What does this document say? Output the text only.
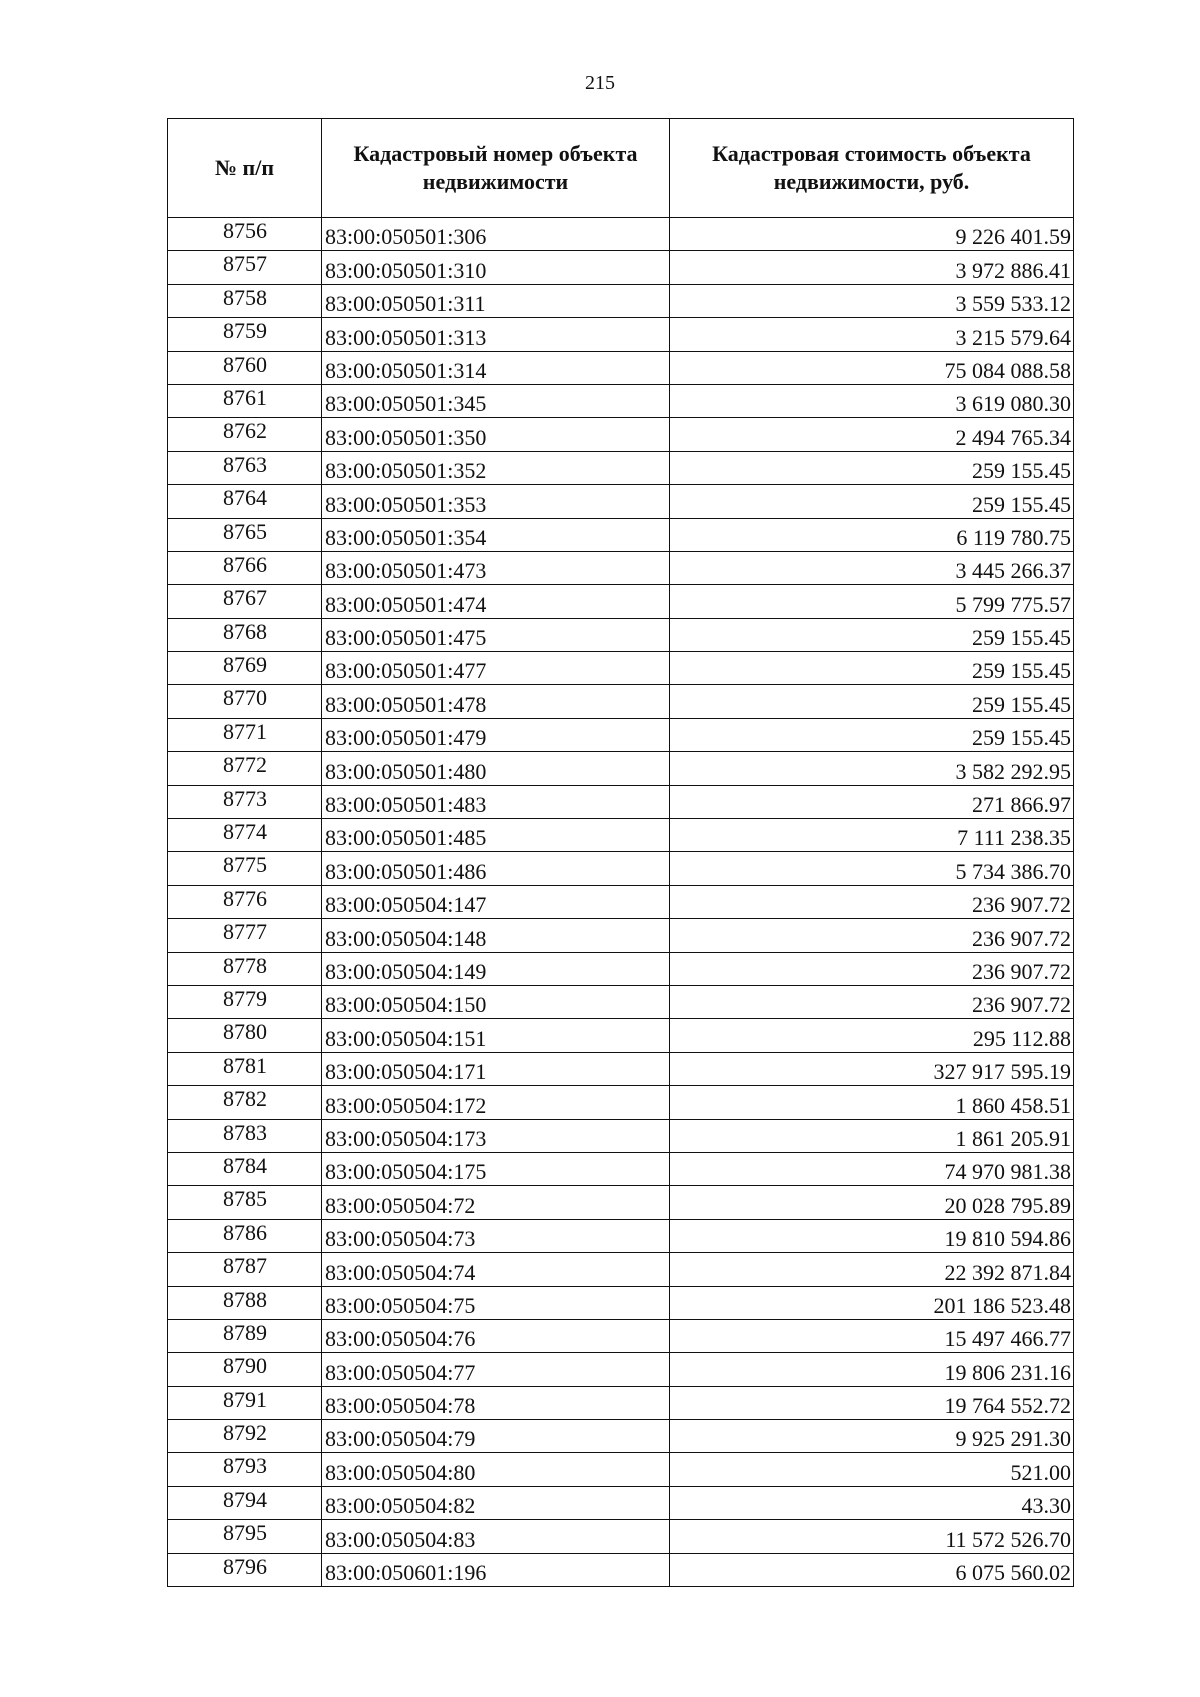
215
№ п/п	Кадастровый номер объекта недвижимости	Кадастровая стоимость объекта недвижимости, руб.
8756	83:00:050501:306	9 226 401.59
8757	83:00:050501:310	3 972 886.41
8758	83:00:050501:311	3 559 533.12
8759	83:00:050501:313	3 215 579.64
8760	83:00:050501:314	75 084 088.58
8761	83:00:050501:345	3 619 080.30
8762	83:00:050501:350	2 494 765.34
8763	83:00:050501:352	259 155.45
8764	83:00:050501:353	259 155.45
8765	83:00:050501:354	6 119 780.75
8766	83:00:050501:473	3 445 266.37
8767	83:00:050501:474	5 799 775.57
8768	83:00:050501:475	259 155.45
8769	83:00:050501:477	259 155.45
8770	83:00:050501:478	259 155.45
8771	83:00:050501:479	259 155.45
8772	83:00:050501:480	3 582 292.95
8773	83:00:050501:483	271 866.97
8774	83:00:050501:485	7 111 238.35
8775	83:00:050501:486	5 734 386.70
8776	83:00:050504:147	236 907.72
8777	83:00:050504:148	236 907.72
8778	83:00:050504:149	236 907.72
8779	83:00:050504:150	236 907.72
8780	83:00:050504:151	295 112.88
8781	83:00:050504:171	327 917 595.19
8782	83:00:050504:172	1 860 458.51
8783	83:00:050504:173	1 861 205.91
8784	83:00:050504:175	74 970 981.38
8785	83:00:050504:72	20 028 795.89
8786	83:00:050504:73	19 810 594.86
8787	83:00:050504:74	22 392 871.84
8788	83:00:050504:75	201 186 523.48
8789	83:00:050504:76	15 497 466.77
8790	83:00:050504:77	19 806 231.16
8791	83:00:050504:78	19 764 552.72
8792	83:00:050504:79	9 925 291.30
8793	83:00:050504:80	521.00
8794	83:00:050504:82	43.30
8795	83:00:050504:83	11 572 526.70
8796	83:00:050601:196	6 075 560.02
